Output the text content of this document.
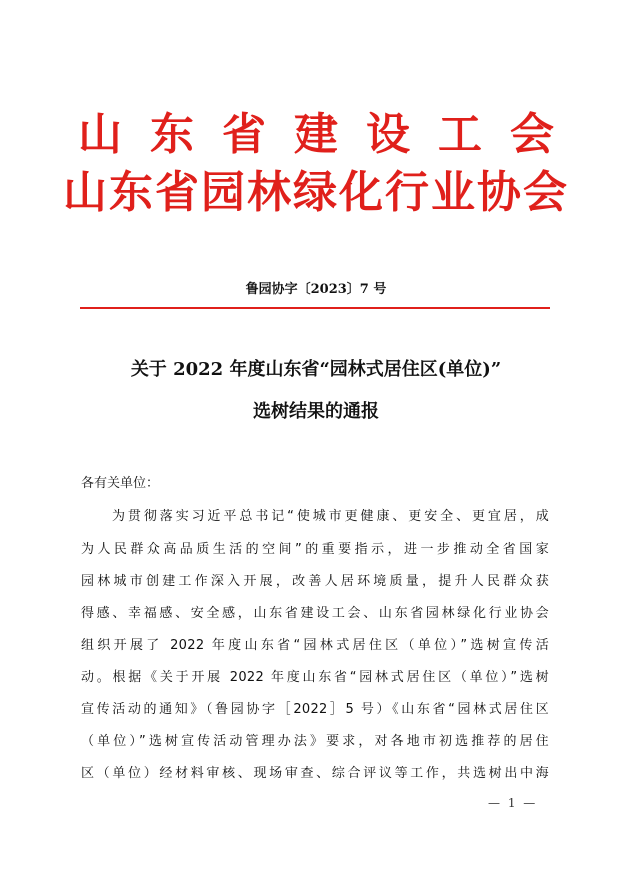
山东省建设工会
山东省园林绿化行业协会
鲁园协字〔2023〕7 号
关于 2022 年度山东省“园林式居住区(单位)”
选树结果的通报
各有关单位：
为贯彻落实习近平总书记“使城市更健康、更安全、更宜居，成
为人民群众高品质生活的空间”的重要指示，进一步推动全省国家
园林城市创建工作深入开展，改善人居环境质量，提升人民群众获
得感、幸福感、安全感，山东省建设工会、山东省园林绿化行业协会
组织开展了 2022 年度山东省“园林式居住区（单位）”选树宣传活
动。根据《关于开展 2022 年度山东省“园林式居住区（单位）”选树
宣传活动的通知》（鲁园协字［2022］5 号）《山东省“园林式居住区
（单位）”选树宣传活动管理办法》要求，对各地市初选推荐的居住
区（单位）经材料审核、现场审查、综合评议等工作，共选树出中海
— 1 —
